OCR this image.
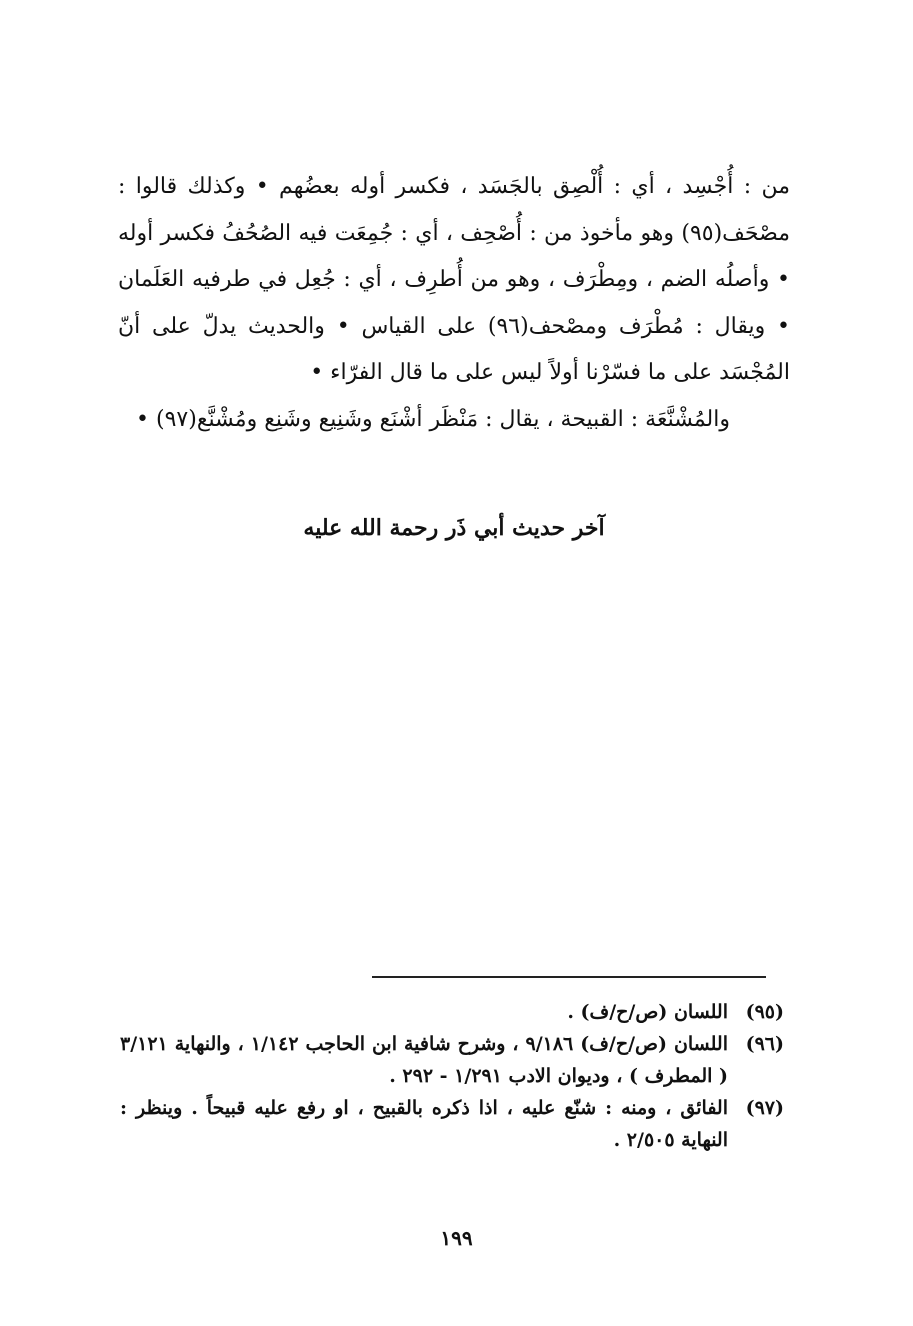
من : أُجْسِد ، أي : أُلْصِق بالجَسَد ، فكسر أوله بعضُهم • وكذلك قالوا : مصْحَف(٩٥) وهو مأخوذ من : أُصْحِف ، أي : جُمِعَت فيه الصُحُفُ فكسر أوله • وأصلُه الضم ، ومِطْرَف ، وهو من أُطرِف ، أي : جُعِل في طرفيه العَلَمان • ويقال : مُطْرَف ومصْحف(٩٦) على القياس • والحديث يدلّ على أنّ المُجْسَد على ما فسّرْنا أولاً ليس على ما قال الفرّاء •

والمُشْنَّعَة : القبيحة ، يقال : مَنْظَر أشْنَع وشَنِيع وشَنِع ومُشْنَّع(٩٧) •

آخر حديث أبي ذَر رحمة الله عليه
(٩٥)
اللسان (ص/ح/ف) .
(٩٦)
اللسان (ص/ح/ف) ٩/١٨٦ ، وشرح شافية ابن الحاجب ١/١٤٢ ، والنهاية ٣/١٢١ ( المطرف ) ، وديوان الادب ١/٢٩١ - ٢٩٢ .
(٩٧)
الفائق ، ومنه : شنّع عليه ، اذا ذكره بالقبيح ، او رفع عليه قبيحاً . وينظر : النهاية ٢/٥٠٥ .
١٩٩
